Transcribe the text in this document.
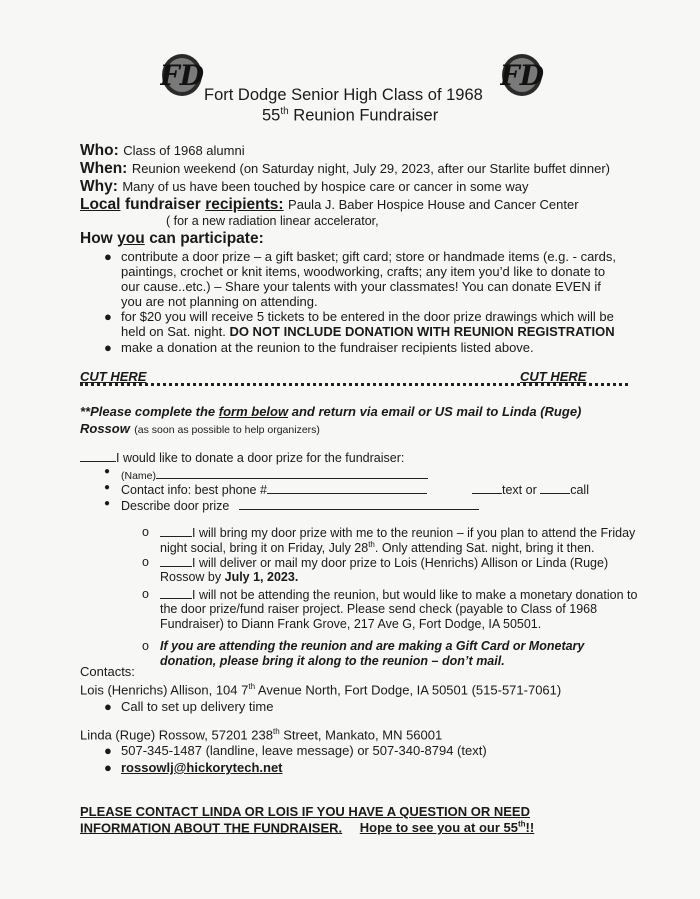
FD	FD
Fort Dodge Senior High Class of 1968
55th Reunion Fundraiser
Who: Class of 1968 alumni
When: Reunion weekend (on Saturday night, July 29, 2023, after our Starlite buffet dinner)
Why: Many of us have been touched by hospice care or cancer in some way
Local fundraiser recipients: Paula J. Baber Hospice House and Cancer Center
( for a new radiation linear accelerator,
How you can participate:
● contribute a door prize – a gift basket; gift card; store or handmade items (e.g. - cards,
paintings, crochet or knit items, woodworking, crafts; any item you’d like to donate to
our cause..etc.) – Share your talents with your classmates! You can donate EVEN if
you are not planning on attending.
● for $20 you will receive 5 tickets to be entered in the door prize drawings which will be
held on Sat. night. DO NOT INCLUDE DONATION WITH REUNION REGISTRATION
● make a donation at the reunion to the fundraiser recipients listed above.
CUT HERE	CUT HERE
**Please complete the form below and return via email or US mail to Linda (Ruge)
Rossow (as soon as possible to help organizers)
I would like to donate a door prize for the fundraiser:
● (Name)
● Contact info: best phone #	text or	call
● Describe door prize
o	I will bring my door prize with me to the reunion – if you plan to attend the Friday
night social, bring it on Friday, July 28th. Only attending Sat. night, bring it then.
o	I will deliver or mail my door prize to Lois (Henrichs) Allison or Linda (Ruge)
Rossow by July 1, 2023.
o	I will not be attending the reunion, but would like to make a monetary donation to
the door prize/fund raiser project. Please send check (payable to Class of 1968
Fundraiser) to Diann Frank Grove, 217 Ave G, Fort Dodge, IA 50501.
o If you are attending the reunion and are making a Gift Card or Monetary
donation, please bring it along to the reunion – don’t mail.
Contacts:
Lois (Henrichs) Allison, 104 7th Avenue North, Fort Dodge, IA 50501 (515-571-7061)
● Call to set up delivery time
Linda (Ruge) Rossow, 57201 238th Street, Mankato, MN 56001
● 507-345-1487 (landline, leave message) or 507-340-8794 (text)
● rossowlj@hickorytech.net
PLEASE CONTACT LINDA OR LOIS IF YOU HAVE A QUESTION OR NEED
INFORMATION ABOUT THE FUNDRAISER. Hope to see you at our 55th!!
